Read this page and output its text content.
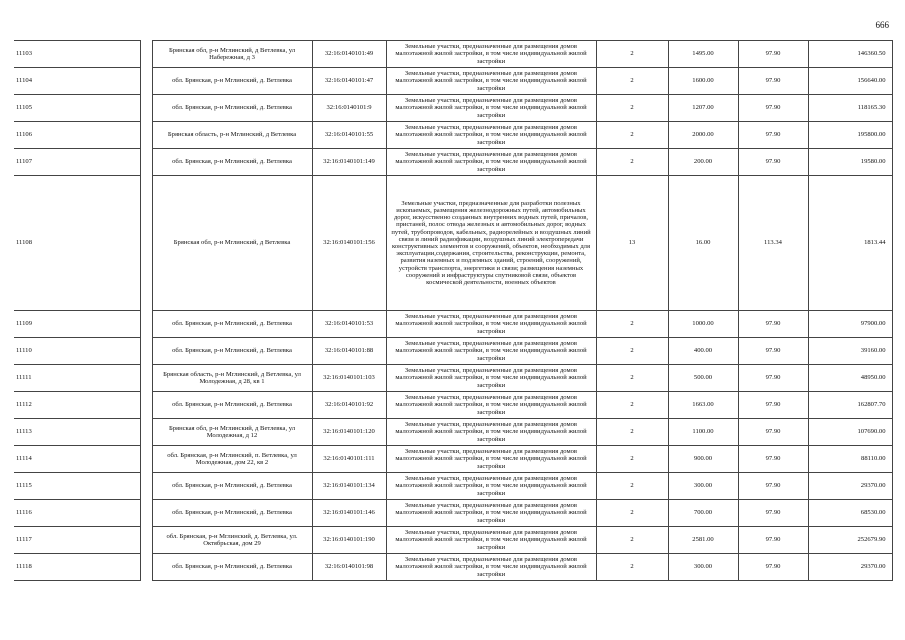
666
11103		Брянская обл, р-н Мглинский, д Ветлевка, ул Набережная, д 3	32:16:0140101:49	Земельные участки, предназначенные для размещения домов малоэтажной жилой застройки, в том числе индивидуальной жилой застройки	2	1495.00	97.90	146360.50
11104		обл. Брянская, р-н Мглинский, д. Ветлевка	32:16:0140101:47	Земельные участки, предназначенные для размещения домов малоэтажной жилой застройки, в том числе индивидуальной жилой застройки	2	1600.00	97.90	156640.00
11105		обл. Брянская, р-н Мглинский, д. Ветлевка	32:16:0140101:9	Земельные участки, предназначенные для размещения домов малоэтажной жилой застройки, в том числе индивидуальной жилой застройки	2	1207.00	97.90	118165.30
11106		Брянская область, р-н Мглинский, д Ветлевка	32:16:0140101:55	Земельные участки, предназначенные для размещения домов малоэтажной жилой застройки, в том числе индивидуальной жилой застройки	2	2000.00	97.90	195800.00
11107		обл. Брянская, р-н Мглинский, д. Ветлевка	32:16:0140101:149	Земельные участки, предназначенные для размещения домов малоэтажной жилой застройки, в том числе индивидуальной жилой застройки	2	200.00	97.90	19580.00
11108		Брянская обл, р-н Мглинский, д Ветлевка	32:16:0140101:156	Земельные участки, предназначенные для разработки полезных ископаемых, размещения железнодорожных путей, автомобильных дорог, искусственно созданных внутренних водных путей, причалов, пристаней, полос отвода железных и автомобильных дорог, водных путей, трубопроводов, кабельных, радиорелейных и воздушных линий связи и линий радиофикации, воздушных линий электропередачи конструктивных элементов и сооружений, объектов, необходимых для эксплуатации,содержания, строительства, реконструкции, ремонта, развития наземных и подземных зданий, строений, сооружений, устройств транспорта, энергетики и связи; размещения наземных сооружений и инфраструктуры спутниковой связи, объектов космической деятельности, военных объектов	13	16.00	113.34	1813.44
11109		обл. Брянская, р-н Мглинский, д. Ветлевка	32:16:0140101:53	Земельные участки, предназначенные для размещения домов малоэтажной жилой застройки, в том числе индивидуальной жилой застройки	2	1000.00	97.90	97900.00
11110		обл. Брянская, р-н Мглинский, д. Ветлевка	32:16:0140101:88	Земельные участки, предназначенные для размещения домов малоэтажной жилой застройки, в том числе индивидуальной жилой застройки	2	400.00	97.90	39160.00
11111		Брянская область, р-н Мглинский, д Ветлевка, ул Молодежная, д 28, кв 1	32:16:0140101:103	Земельные участки, предназначенные для размещения домов малоэтажной жилой застройки, в том числе индивидуальной жилой застройки	2	500.00	97.90	48950.00
11112		обл. Брянская, р-н Мглинский, д. Ветлевка	32:16:0140101:92	Земельные участки, предназначенные для размещения домов малоэтажной жилой застройки, в том числе индивидуальной жилой застройки	2	1663.00	97.90	162807.70
11113		Брянская обл, р-н Мглинский, д Ветлевка, ул Молодежная, д 12	32:16:0140101:120	Земельные участки, предназначенные для размещения домов малоэтажной жилой застройки, в том числе индивидуальной жилой застройки	2	1100.00	97.90	107690.00
11114		обл. Брянская, р-н Мглинский, п. Ветлевка, ул Молодежная, дом 22, кв 2	32:16:0140101:111	Земельные участки, предназначенные для размещения домов малоэтажной жилой застройки, в том числе индивидуальной жилой застройки	2	900.00	97.90	88110.00
11115		обл. Брянская, р-н Мглинский, д. Ветлевка	32:16:0140101:134	Земельные участки, предназначенные для размещения домов малоэтажной жилой застройки, в том числе индивидуальной жилой застройки	2	300.00	97.90	29370.00
11116		обл. Брянская, р-н Мглинский, д. Ветлевка	32:16:0140101:146	Земельные участки, предназначенные для размещения домов малоэтажной жилой застройки, в том числе индивидуальной жилой застройки	2	700.00	97.90	68530.00
11117		обл. Брянская, р-н Мглинский, д. Ветлевка, ул. Октябрьская, дом 29	32:16:0140101:190	Земельные участки, предназначенные для размещения домов малоэтажной жилой застройки, в том числе индивидуальной жилой застройки	2	2581.00	97.90	252679.90
11118		обл. Брянская, р-н Мглинский, д. Ветлевка	32:16:0140101:98	Земельные участки, предназначенные для размещения домов малоэтажной жилой застройки, в том числе индивидуальной жилой застройки	2	300.00	97.90	29370.00
